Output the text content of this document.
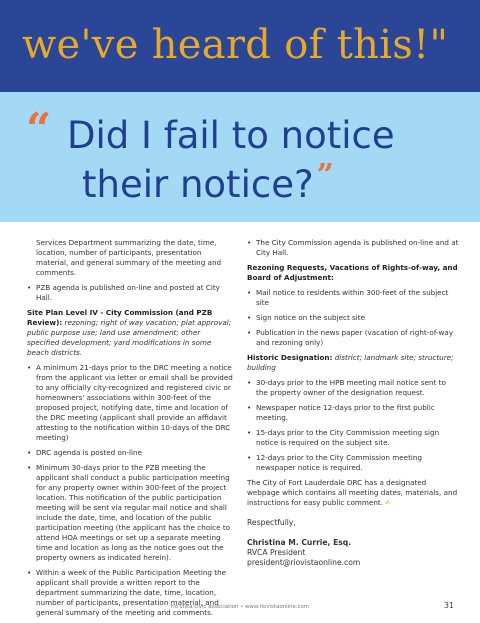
we've heard of this!"
“ Did I fail to notice
their notice? ”

Services Department summarizing the date, time, location, number of participants, presentation material, and general summary of the meeting and comments.

• PZB agenda is published on-line and posted at City Hall.

Site Plan Level IV - City Commission (and PZB Review): rezoning; right of way vacation; plat approval; public purpose use; land use amendment; other specified development; yard modifications in some beach districts.

• A minimum 21-days prior to the DRC meeting a notice from the applicant via letter or email shall be provided to any officially city-recognized and registered civic or homeowners' associations within 300-feet of the proposed project, notifying date, time and location of the DRC meeting (applicant shall provide an affidavit attesting to the notification within 10-days of the DRC meeting)
• DRC agenda is posted on-line
• Minimum 30-days prior to the PZB meeting the applicant shall conduct a public participation meeting for any property owner within 300-feet of the project location. This notification of the public participation meeting will be sent via regular mail notice and shall include the date, time, and location of the public participation meeting (the applicant has the choice to attend HOA meetings or set up a separate meeting time and location as long as the notice goes out the property owners as indicated herein).
• Within a week of the Public Participation Meeting the applicant shall provide a written report to the department summarizing the date, time, location, number of participants, presentation material, and general summary of the meeting and comments.
• The City Commission agenda is published on-line and at City Hall.

Rezoning Requests, Vacations of Rights-of-way, and Board of Adjustment:

• Mail notice to residents within 300-feet of the subject site
• Sign notice on the subject site
• Publication in the news paper (vacation of right-of-way and rezoning only)

Historic Designation: district; landmark site; structure; building

• 30-days prior to the HPB meeting mail notice sent to the property owner of the designation request.
• Newspaper notice 12-days prior to the first public meeting.
• 15-days prior to the City Commission meeting sign notice is required on the subject site.
• 12-days prior to the City Commission meeting newspaper notice is required.

The City of Fort Lauderdale DRC has a designated webpage which contains all meeting dates, materials, and instructions for easy public comment. ✍

Respectfully,
Christina M. Currie, Esq.
RVCA President
president@riovistaonline.com
rio vista civic association • www.riovistaonline.com	31
